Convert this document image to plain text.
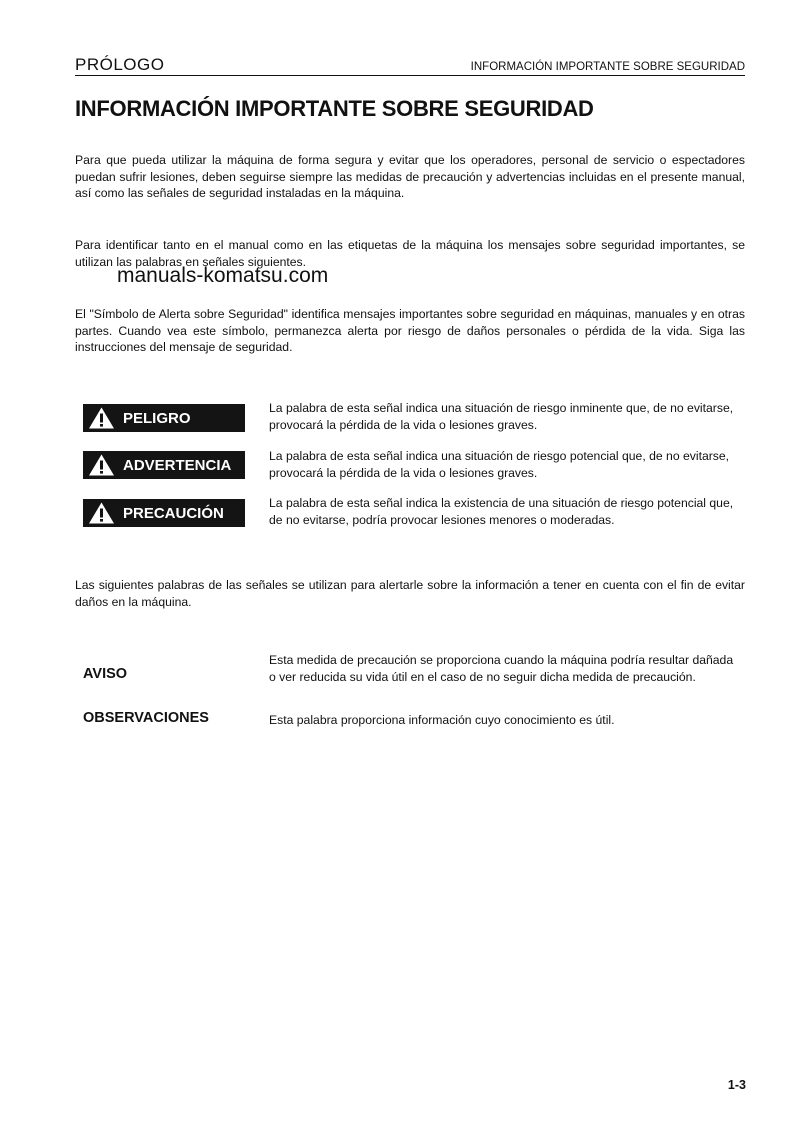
PRÓLOGO	INFORMACIÓN IMPORTANTE SOBRE SEGURIDAD
INFORMACIÓN IMPORTANTE SOBRE SEGURIDAD
Para que pueda utilizar la máquina de forma segura y evitar que los operadores, personal de servicio o espectadores puedan sufrir lesiones, deben seguirse siempre las medidas de precaución y advertencias incluidas en el presente manual, así como las señales de seguridad instaladas en la máquina.
Para identificar tanto en el manual como en las etiquetas de la máquina los mensajes sobre seguridad importantes, se utilizan las palabras en señales siguientes.
manuals-komatsu.com
El "Símbolo de Alerta sobre Seguridad" identifica mensajes importantes sobre seguridad en máquinas, manuales y en otras partes. Cuando vea este símbolo, permanezca alerta por riesgo de daños personales o pérdida de la vida. Siga las instrucciones del mensaje de seguridad.
PELIGRO
La palabra de esta señal indica una situación de riesgo inminente que, de no evitarse, provocará la pérdida de la vida o lesiones graves.
ADVERTENCIA
La palabra de esta señal indica una situación de riesgo potencial que, de no evitarse, provocará la pérdida de la vida o lesiones graves.
PRECAUCIÓN
La palabra de esta señal indica la existencia de una situación de riesgo potencial que, de no evitarse, podría provocar lesiones menores o moderadas.
Las siguientes palabras de las señales se utilizan para alertarle sobre la información a tener en cuenta con el fin de evitar daños en la máquina.
AVISO
Esta medida de precaución se proporciona cuando la máquina podría resultar dañada o ver reducida su vida útil en el caso de no seguir dicha medida de precaución.
OBSERVACIONES	Esta palabra proporciona información cuyo conocimiento es útil.
1-3
